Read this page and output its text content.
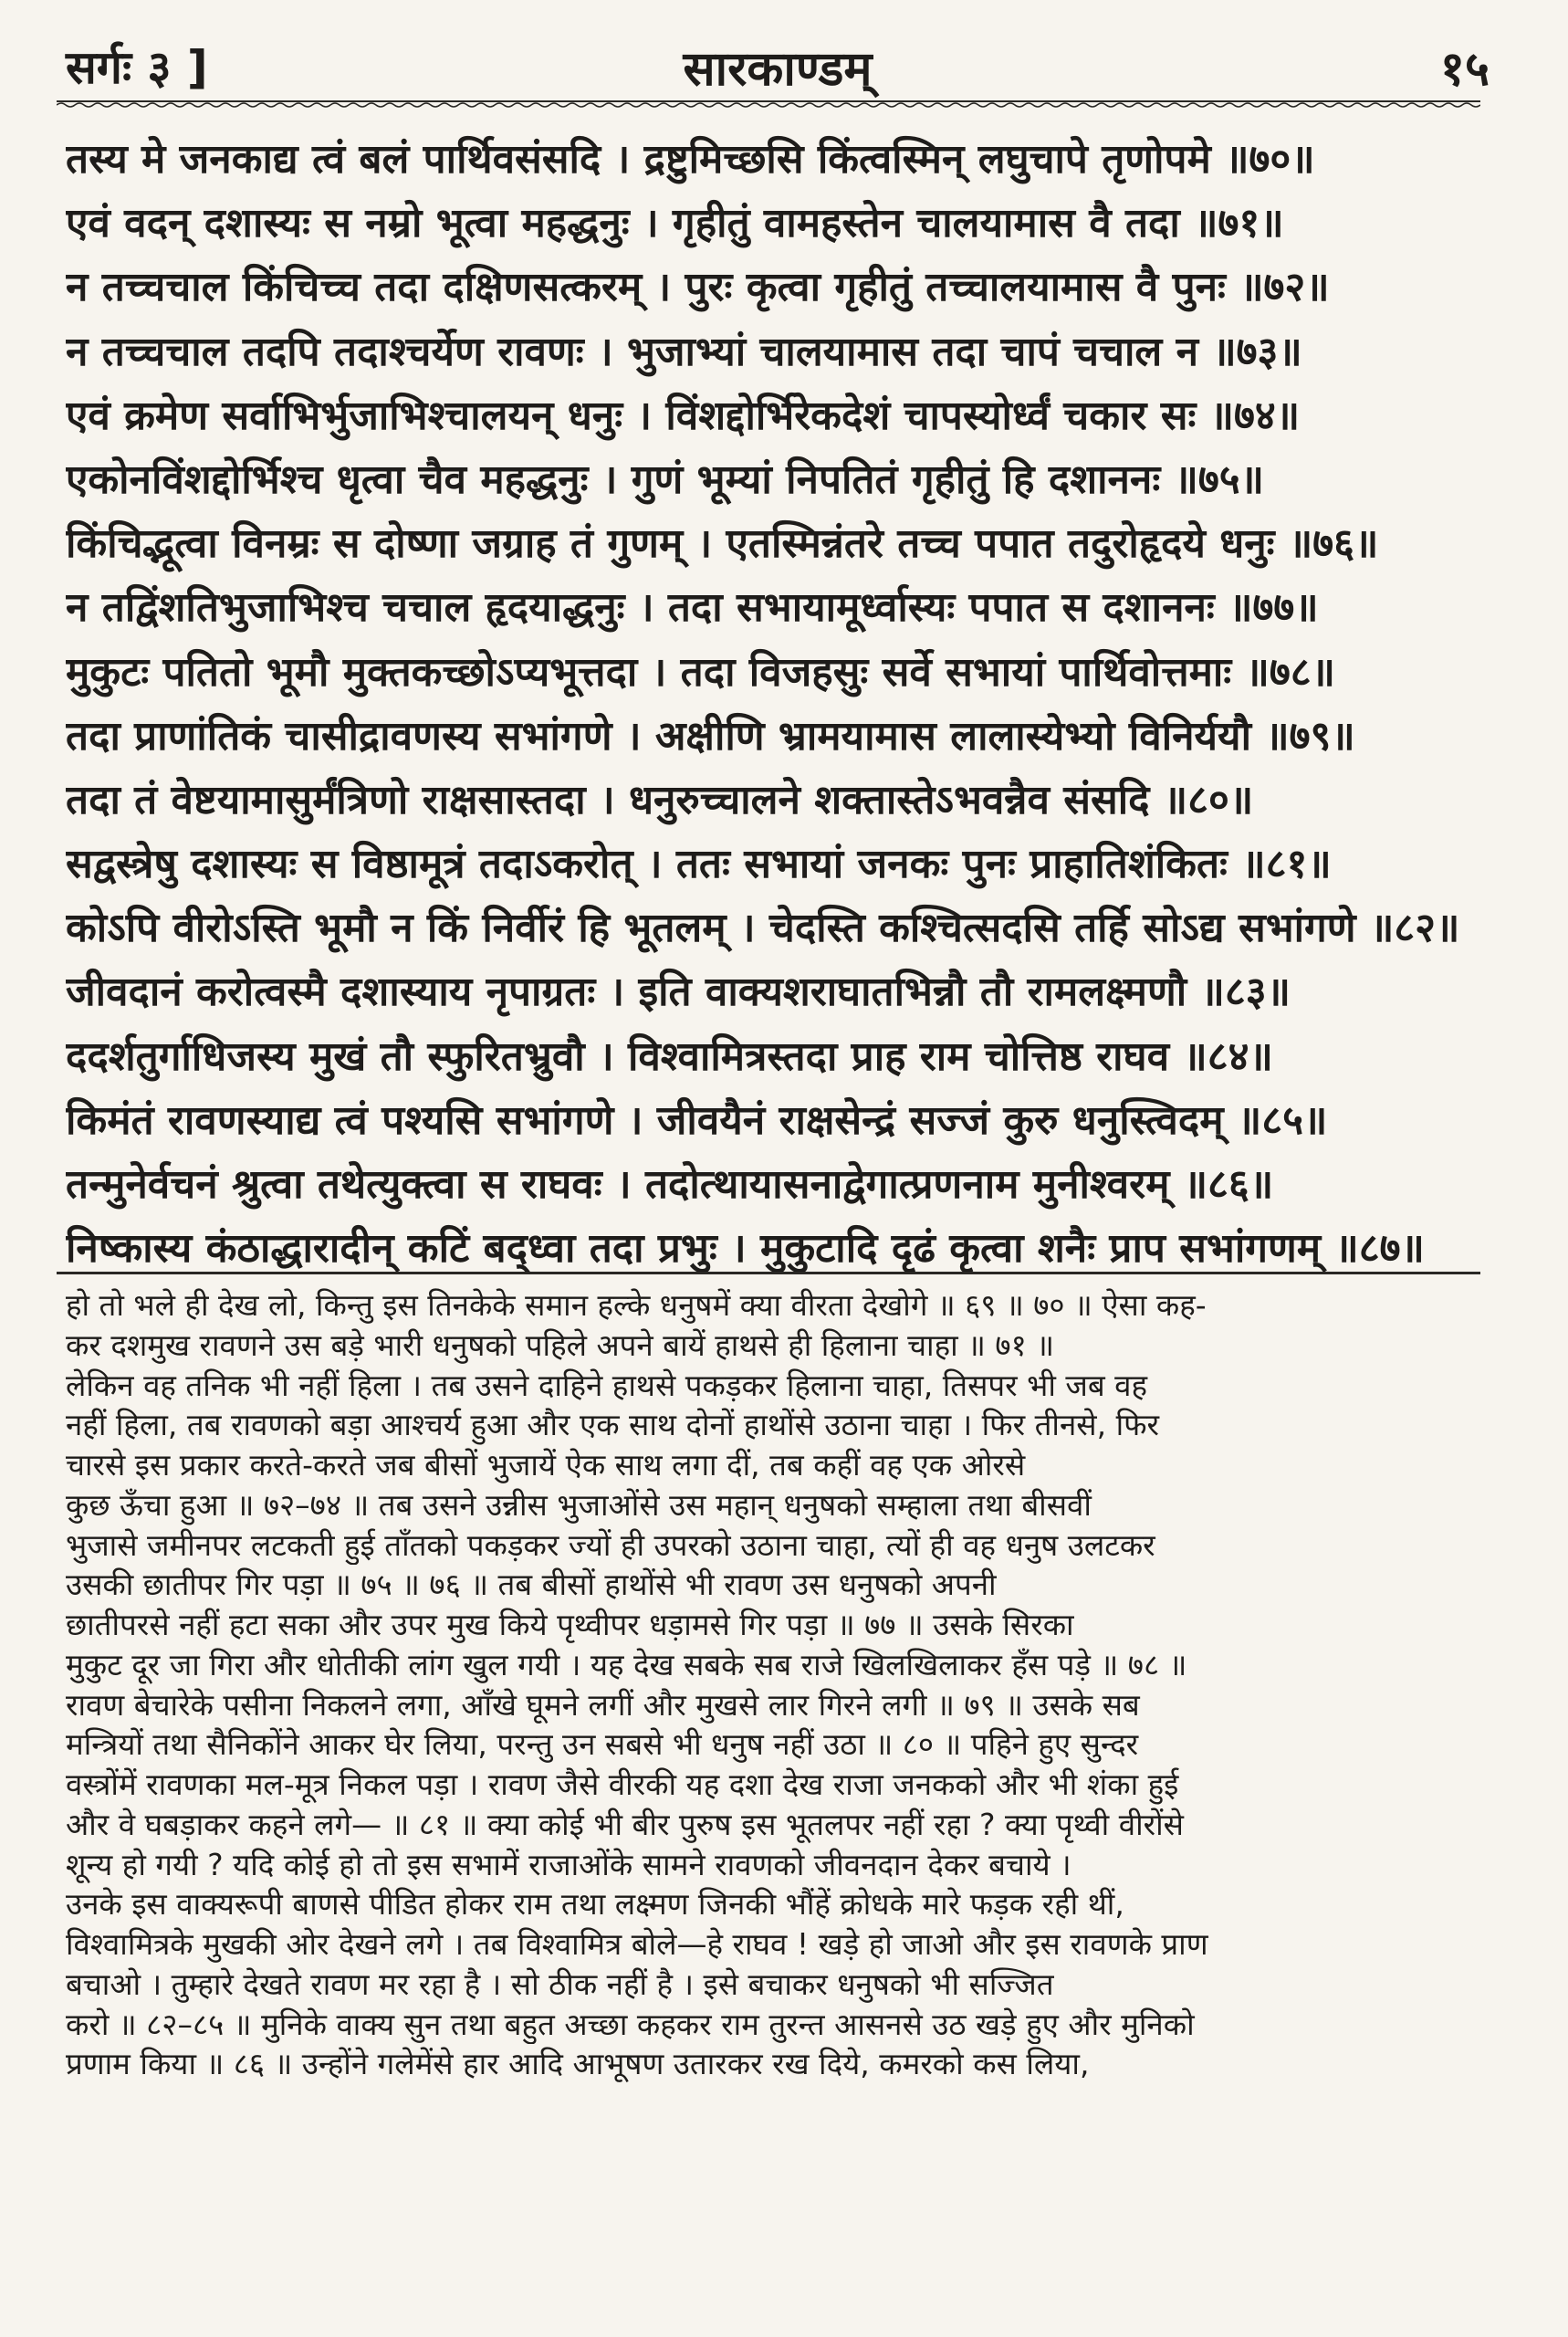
सर्गः ३ ]	सारकाण्डम्	१५
तस्य मे जनकाद्य त्वं बलं पार्थिवसंसदि । द्रष्टुमिच्छसि किंत्वस्मिन् लघुचापे तृणोपमे ॥७०॥
एवं वदन् दशास्यः स नम्रो भूत्वा महद्धनुः । गृहीतुं वामहस्तेन चालयामास वै तदा ॥७१॥
न तच्चचाल किंचिच्च तदा दक्षिणसत्करम् । पुरः कृत्वा गृहीतुं तच्चालयामास वै पुनः ॥७२॥
न तच्चचाल तदपि तदाश्चर्येण रावणः । भुजाभ्यां चालयामास तदा चापं चचाल न ॥७३॥
एवं क्रमेण सर्वाभिर्भुजाभिश्चालयन् धनुः । विंशद्दोर्भिरेकदेशं चापस्योर्ध्वं चकार सः ॥७४॥
एकोनविंशद्दोर्भिश्च धृत्वा चैव महद्धनुः । गुणं भूम्यां निपतितं गृहीतुं हि दशाननः ॥७५॥
किंचिद्भूत्वा विनम्रः स दोष्णा जग्राह तं गुणम् । एतस्मिन्नंतरे तच्च पपात तदुरोहृदये धनुः ॥७६॥
न तद्विंशतिभुजाभिश्च चचाल हृदयाद्धनुः । तदा सभायामूर्ध्वास्यः पपात स दशाननः ॥७७॥
मुकुटः पतितो भूमौ मुक्तकच्छोऽप्यभूत्तदा । तदा विजहसुः सर्वे सभायां पार्थिवोत्तमाः ॥७८॥
तदा प्राणांतिकं चासीद्रावणस्य सभांगणे । अक्षीणि भ्रामयामास लालास्येभ्यो विनिर्ययौ ॥७९॥
तदा तं वेष्टयामासुर्मंत्रिणो राक्षसास्तदा । धनुरुच्चालने शक्तास्तेऽभवन्नैव संसदि ॥८०॥
सद्वस्त्रेषु दशास्यः स विष्ठामूत्रं तदाऽकरोत् । ततः सभायां जनकः पुनः प्राहातिशंकितः ॥८१॥
कोऽपि वीरोऽस्ति भूमौ न किं निर्वीरं हि भूतलम् । चेदस्ति कश्चित्सदसि तर्हि सोऽद्य सभांगणे ॥८२॥
जीवदानं करोत्वस्मै दशास्याय नृपाग्रतः । इति वाक्यशराघातभिन्नौ तौ रामलक्ष्मणौ ॥८३॥
ददर्शतुर्गाधिजस्य मुखं तौ स्फुरितभ्रुवौ । विश्वामित्रस्तदा प्राह राम चोत्तिष्ठ राघव ॥८४॥
किमंतं रावणस्याद्य त्वं पश्यसि सभांगणे । जीवयैनं राक्षसेन्द्रं सज्जं कुरु धनुस्त्विदम् ॥८५॥
तन्मुनेर्वचनं श्रुत्वा तथेत्युक्त्वा स राघवः । तदोत्थायासनाद्वेगात्प्रणनाम मुनीश्वरम् ॥८६॥
निष्कास्य कंठाद्धारादीन् कटिं बद्ध्वा तदा प्रभुः । मुकुटादि दृढं कृत्वा शनैः प्राप सभांगणम् ॥८७॥
हो तो भले ही देख लो, किन्तु इस तिनकेके समान हल्के धनुषमें क्या वीरता देखोगे ॥ ६९ ॥ ७० ॥ ऐसा कह-
कर दशमुख रावणने उस बड़े भारी धनुषको पहिले अपने बायें हाथसे ही हिलाना चाहा ॥ ७१ ॥
लेकिन वह तनिक भी नहीं हिला । तब उसने दाहिने हाथसे पकड़कर हिलाना चाहा, तिसपर भी जब वह
नहीं हिला, तब रावणको बड़ा आश्चर्य हुआ और एक साथ दोनों हाथोंसे उठाना चाहा । फिर तीनसे, फिर
चारसे इस प्रकार करते-करते जब बीसों भुजायें ऐक साथ लगा दीं, तब कहीं वह एक ओरसे
कुछ ऊँचा हुआ ॥ ७२–७४ ॥ तब उसने उन्नीस भुजाओंसे उस महान् धनुषको सम्हाला तथा बीसवीं
भुजासे जमीनपर लटकती हुई ताँतको पकड़कर ज्यों ही उपरको उठाना चाहा, त्यों ही वह धनुष उलटकर
उसकी छातीपर गिर पड़ा ॥ ७५ ॥ ७६ ॥ तब बीसों हाथोंसे भी रावण उस धनुषको अपनी
छातीपरसे नहीं हटा सका और उपर मुख किये पृथ्वीपर धड़ामसे गिर पड़ा ॥ ७७ ॥ उसके सिरका
मुकुट दूर जा गिरा और धोतीकी लांग खुल गयी । यह देख सबके सब राजे खिलखिलाकर हँस पड़े ॥ ७८ ॥
रावण बेचारेके पसीना निकलने लगा, आँखे घूमने लगीं और मुखसे लार गिरने लगी ॥ ७९ ॥ उसके सब
मन्त्रियों तथा सैनिकोंने आकर घेर लिया, परन्तु उन सबसे भी धनुष नहीं उठा ॥ ८० ॥ पहिने हुए सुन्दर
वस्त्रोंमें रावणका मल-मूत्र निकल पड़ा । रावण जैसे वीरकी यह दशा देख राजा जनकको और भी शंका हुई
और वे घबड़ाकर कहने लगे— ॥ ८१ ॥ क्या कोई भी बीर पुरुष इस भूतलपर नहीं रहा ? क्या पृथ्वी वीरोंसे
शून्य हो गयी ? यदि कोई हो तो इस सभामें राजाओंके सामने रावणको जीवनदान देकर बचाये ।
उनके इस वाक्यरूपी बाणसे पीडित होकर राम तथा लक्ष्मण जिनकी भौंहें क्रोधके मारे फड़क रही थीं,
विश्वामित्रके मुखकी ओर देखने लगे । तब विश्वामित्र बोले—हे राघव ! खड़े हो जाओ और इस रावणके प्राण
बचाओ । तुम्हारे देखते रावण मर रहा है । सो ठीक नहीं है । इसे बचाकर धनुषको भी सज्जित
करो ॥ ८२–८५ ॥ मुनिके वाक्य सुन तथा बहुत अच्छा कहकर राम तुरन्त आसनसे उठ खड़े हुए और मुनिको
प्रणाम किया ॥ ८६ ॥ उन्होंने गलेमेंसे हार आदि आभूषण उतारकर रख दिये, कमरको कस लिया,
